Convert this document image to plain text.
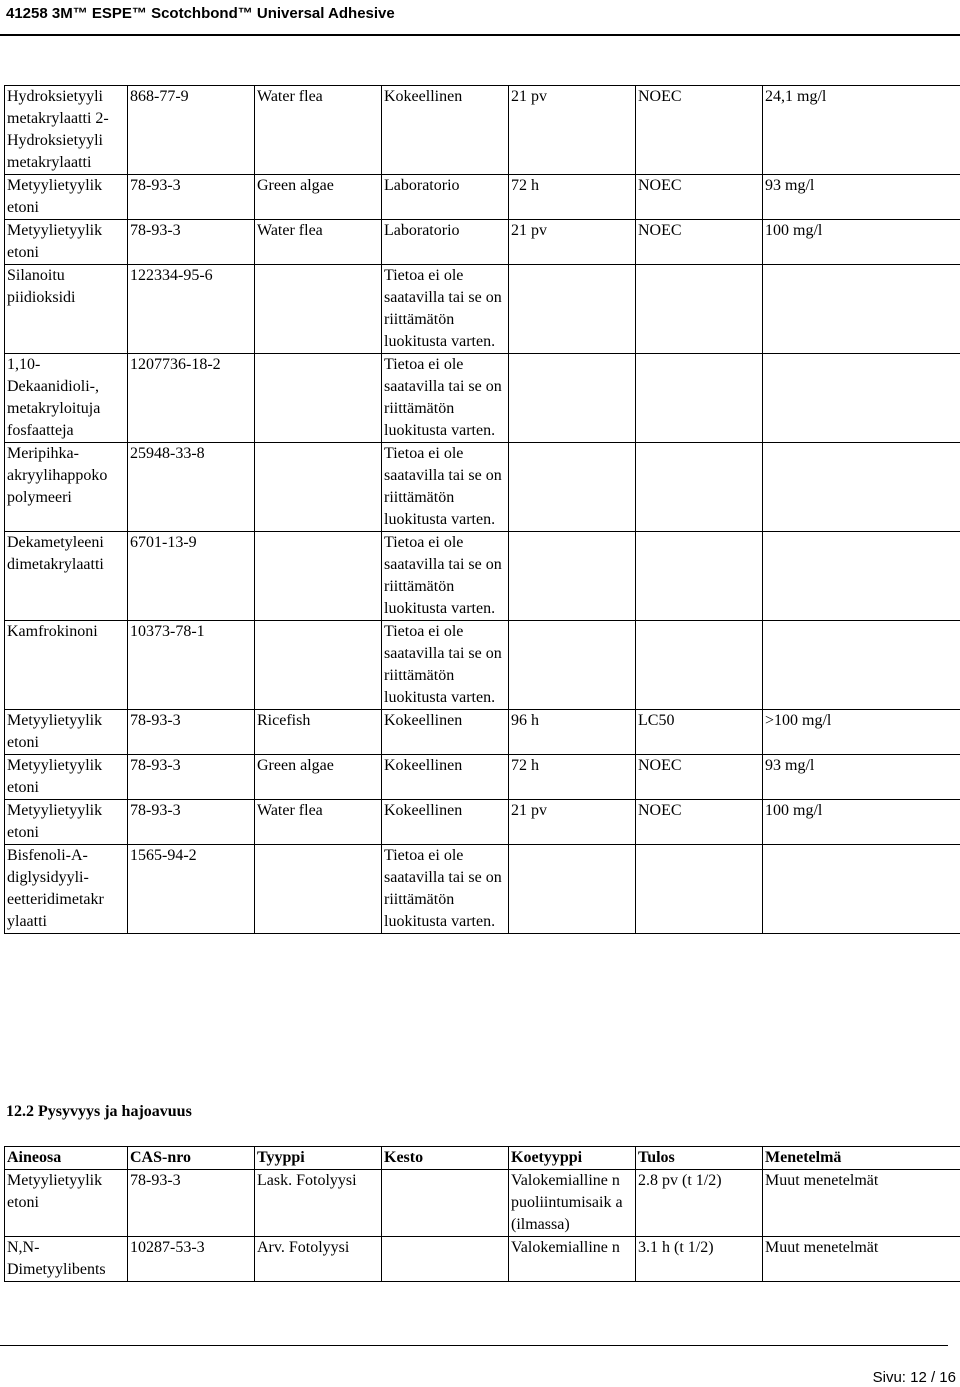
41258 3M™ ESPE™ Scotchbond™ Universal Adhesive
Hydroksietyyli metakrylaatti 2-Hydroksietyyli metakrylaatti	868-77-9	Water flea	Kokeellinen	21 pv	NOEC	24,1 mg/l
Metyylietyylik etoni	78-93-3	Green algae	Laboratorio	72 h	NOEC	93 mg/l
Metyylietyylik etoni	78-93-3	Water flea	Laboratorio	21 pv	NOEC	100 mg/l
Silanoitu piidioksidi	122334-95-6		Tietoa ei ole saatavilla tai se on riittämätön luokitusta varten.			
1,10-Dekaanidioli-, metakryloituja fosfaatteja	1207736-18-2		Tietoa ei ole saatavilla tai se on riittämätön luokitusta varten.			
Meripihka-akryylihappoko polymeeri	25948-33-8		Tietoa ei ole saatavilla tai se on riittämätön luokitusta varten.			
Dekametyleeni dimetakrylaatti	6701-13-9		Tietoa ei ole saatavilla tai se on riittämätön luokitusta varten.			
Kamfrokinoni	10373-78-1		Tietoa ei ole saatavilla tai se on riittämätön luokitusta varten.			
Metyylietyylik etoni	78-93-3	Ricefish	Kokeellinen	96 h	LC50	>100 mg/l
Metyylietyylik etoni	78-93-3	Green algae	Kokeellinen	72 h	NOEC	93 mg/l
Metyylietyylik etoni	78-93-3	Water flea	Kokeellinen	21 pv	NOEC	100 mg/l
Bisfenoli-A-diglysidyyli-eetteridimetakr ylaatti	1565-94-2		Tietoa ei ole saatavilla tai se on riittämätön luokitusta varten.			
12.2 Pysyvyys ja hajoavuus
Aineosa	CAS-nro	Tyyppi	Kesto	Koetyyppi	Tulos	Menetelmä
Metyylietyylik etoni	78-93-3	Lask. Fotolyysi		Valokemialline n puoliintumisaik a (ilmassa)	2.8 pv (t 1/2)	Muut menetelmät
N,N-Dimetyylibents	10287-53-3	Arv. Fotolyysi		Valokemialline n	3.1 h (t 1/2)	Muut menetelmät
Sivu: 12 / 16
